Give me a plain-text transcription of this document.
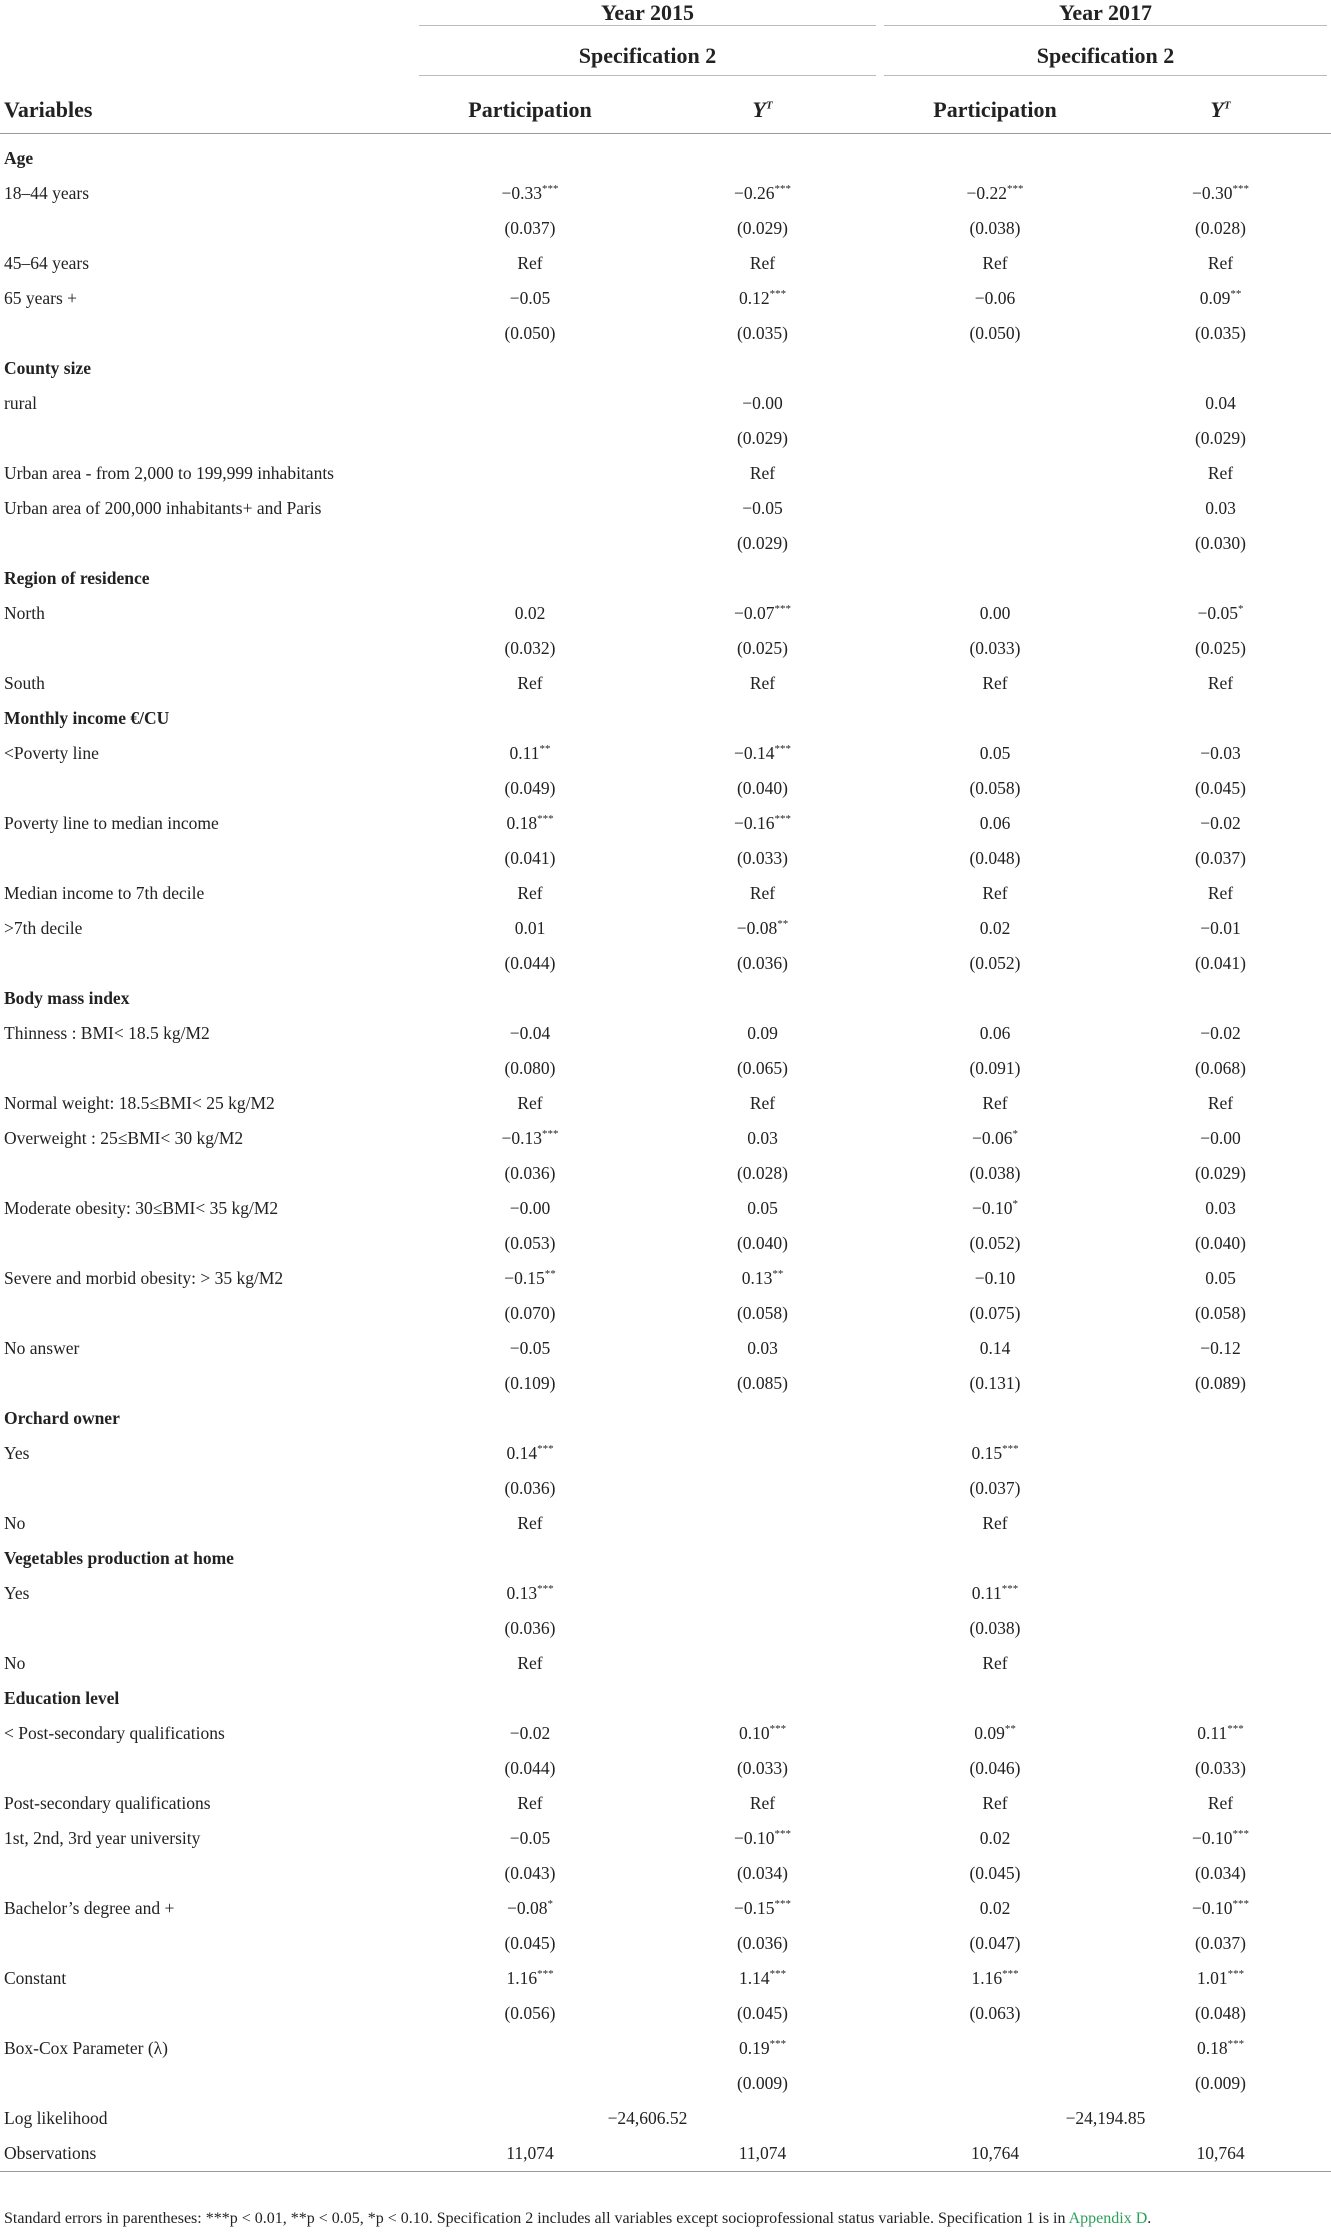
	Year 2015		Year 2017	
	Specification 2		Specification 2	
Variables	Participation	$Y^T$	Participation	$Y^T$

Age				
18–44 years	−0.33***	−0.26***	−0.22***	−0.30***
	(0.037)	(0.029)	(0.038)	(0.028)
45–64 years	Ref	Ref	Ref	Ref
65 years +	−0.05	0.12***	−0.06	0.09**
	(0.050)	(0.035)	(0.050)	(0.035)
County size				
rural		−0.00		0.04
		(0.029)		(0.029)
Urban area - from 2,000 to 199,999 inhabitants		Ref		Ref
Urban area of 200,000 inhabitants+ and Paris		−0.05		0.03
		(0.029)		(0.030)
Region of residence				
North	0.02	−0.07***	0.00	−0.05*
	(0.032)	(0.025)	(0.033)	(0.025)
South	Ref	Ref	Ref	Ref
Monthly income €/CU				
<Poverty line	0.11**	−0.14***	0.05	−0.03
	(0.049)	(0.040)	(0.058)	(0.045)
Poverty line to median income	0.18***	−0.16***	0.06	−0.02
	(0.041)	(0.033)	(0.048)	(0.037)
Median income to 7th decile	Ref	Ref	Ref	Ref
>7th decile	0.01	−0.08**	0.02	−0.01
	(0.044)	(0.036)	(0.052)	(0.041)
Body mass index				
Thinness : BMI< 18.5 kg/M2	−0.04	0.09	0.06	−0.02
	(0.080)	(0.065)	(0.091)	(0.068)
Normal weight: 18.5≤BMI< 25 kg/M2	Ref	Ref	Ref	Ref
Overweight : 25≤BMI< 30 kg/M2	−0.13***	0.03	−0.06*	−0.00
	(0.036)	(0.028)	(0.038)	(0.029)
Moderate obesity: 30≤BMI< 35 kg/M2	−0.00	0.05	−0.10*	0.03
	(0.053)	(0.040)	(0.052)	(0.040)
Severe and morbid obesity: > 35 kg/M2	−0.15**	0.13**	−0.10	0.05
	(0.070)	(0.058)	(0.075)	(0.058)
No answer	−0.05	0.03	0.14	−0.12
	(0.109)	(0.085)	(0.131)	(0.089)
Orchard owner				
Yes	0.14***		0.15***	
	(0.036)		(0.037)	
No	Ref		Ref	
Vegetables production at home				
Yes	0.13***		0.11***	
	(0.036)		(0.038)	
No	Ref		Ref	
Education level				
< Post-secondary qualifications	−0.02	0.10***	0.09**	0.11***
	(0.044)	(0.033)	(0.046)	(0.033)
Post-secondary qualifications	Ref	Ref	Ref	Ref
1st, 2nd, 3rd year university	−0.05	−0.10***	0.02	−0.10***
	(0.043)	(0.034)	(0.045)	(0.034)
Bachelor’s degree and +	−0.08*	−0.15***	0.02	−0.10***
	(0.045)	(0.036)	(0.047)	(0.037)
Constant	1.16***	1.14***	1.16***	1.01***
	(0.056)	(0.045)	(0.063)	(0.048)
Box-Cox Parameter (λ)		0.19***		0.18***
		(0.009)		(0.009)
Log likelihood	−24,606.52		−24,194.85	
Observations	11,074	11,074	10,764	10,764
Standard errors in parentheses: ***p < 0.01, **p < 0.05, *p < 0.10. Specification 2 includes all variables except socioprofessional status variable. Specification 1 is in Appendix D.
